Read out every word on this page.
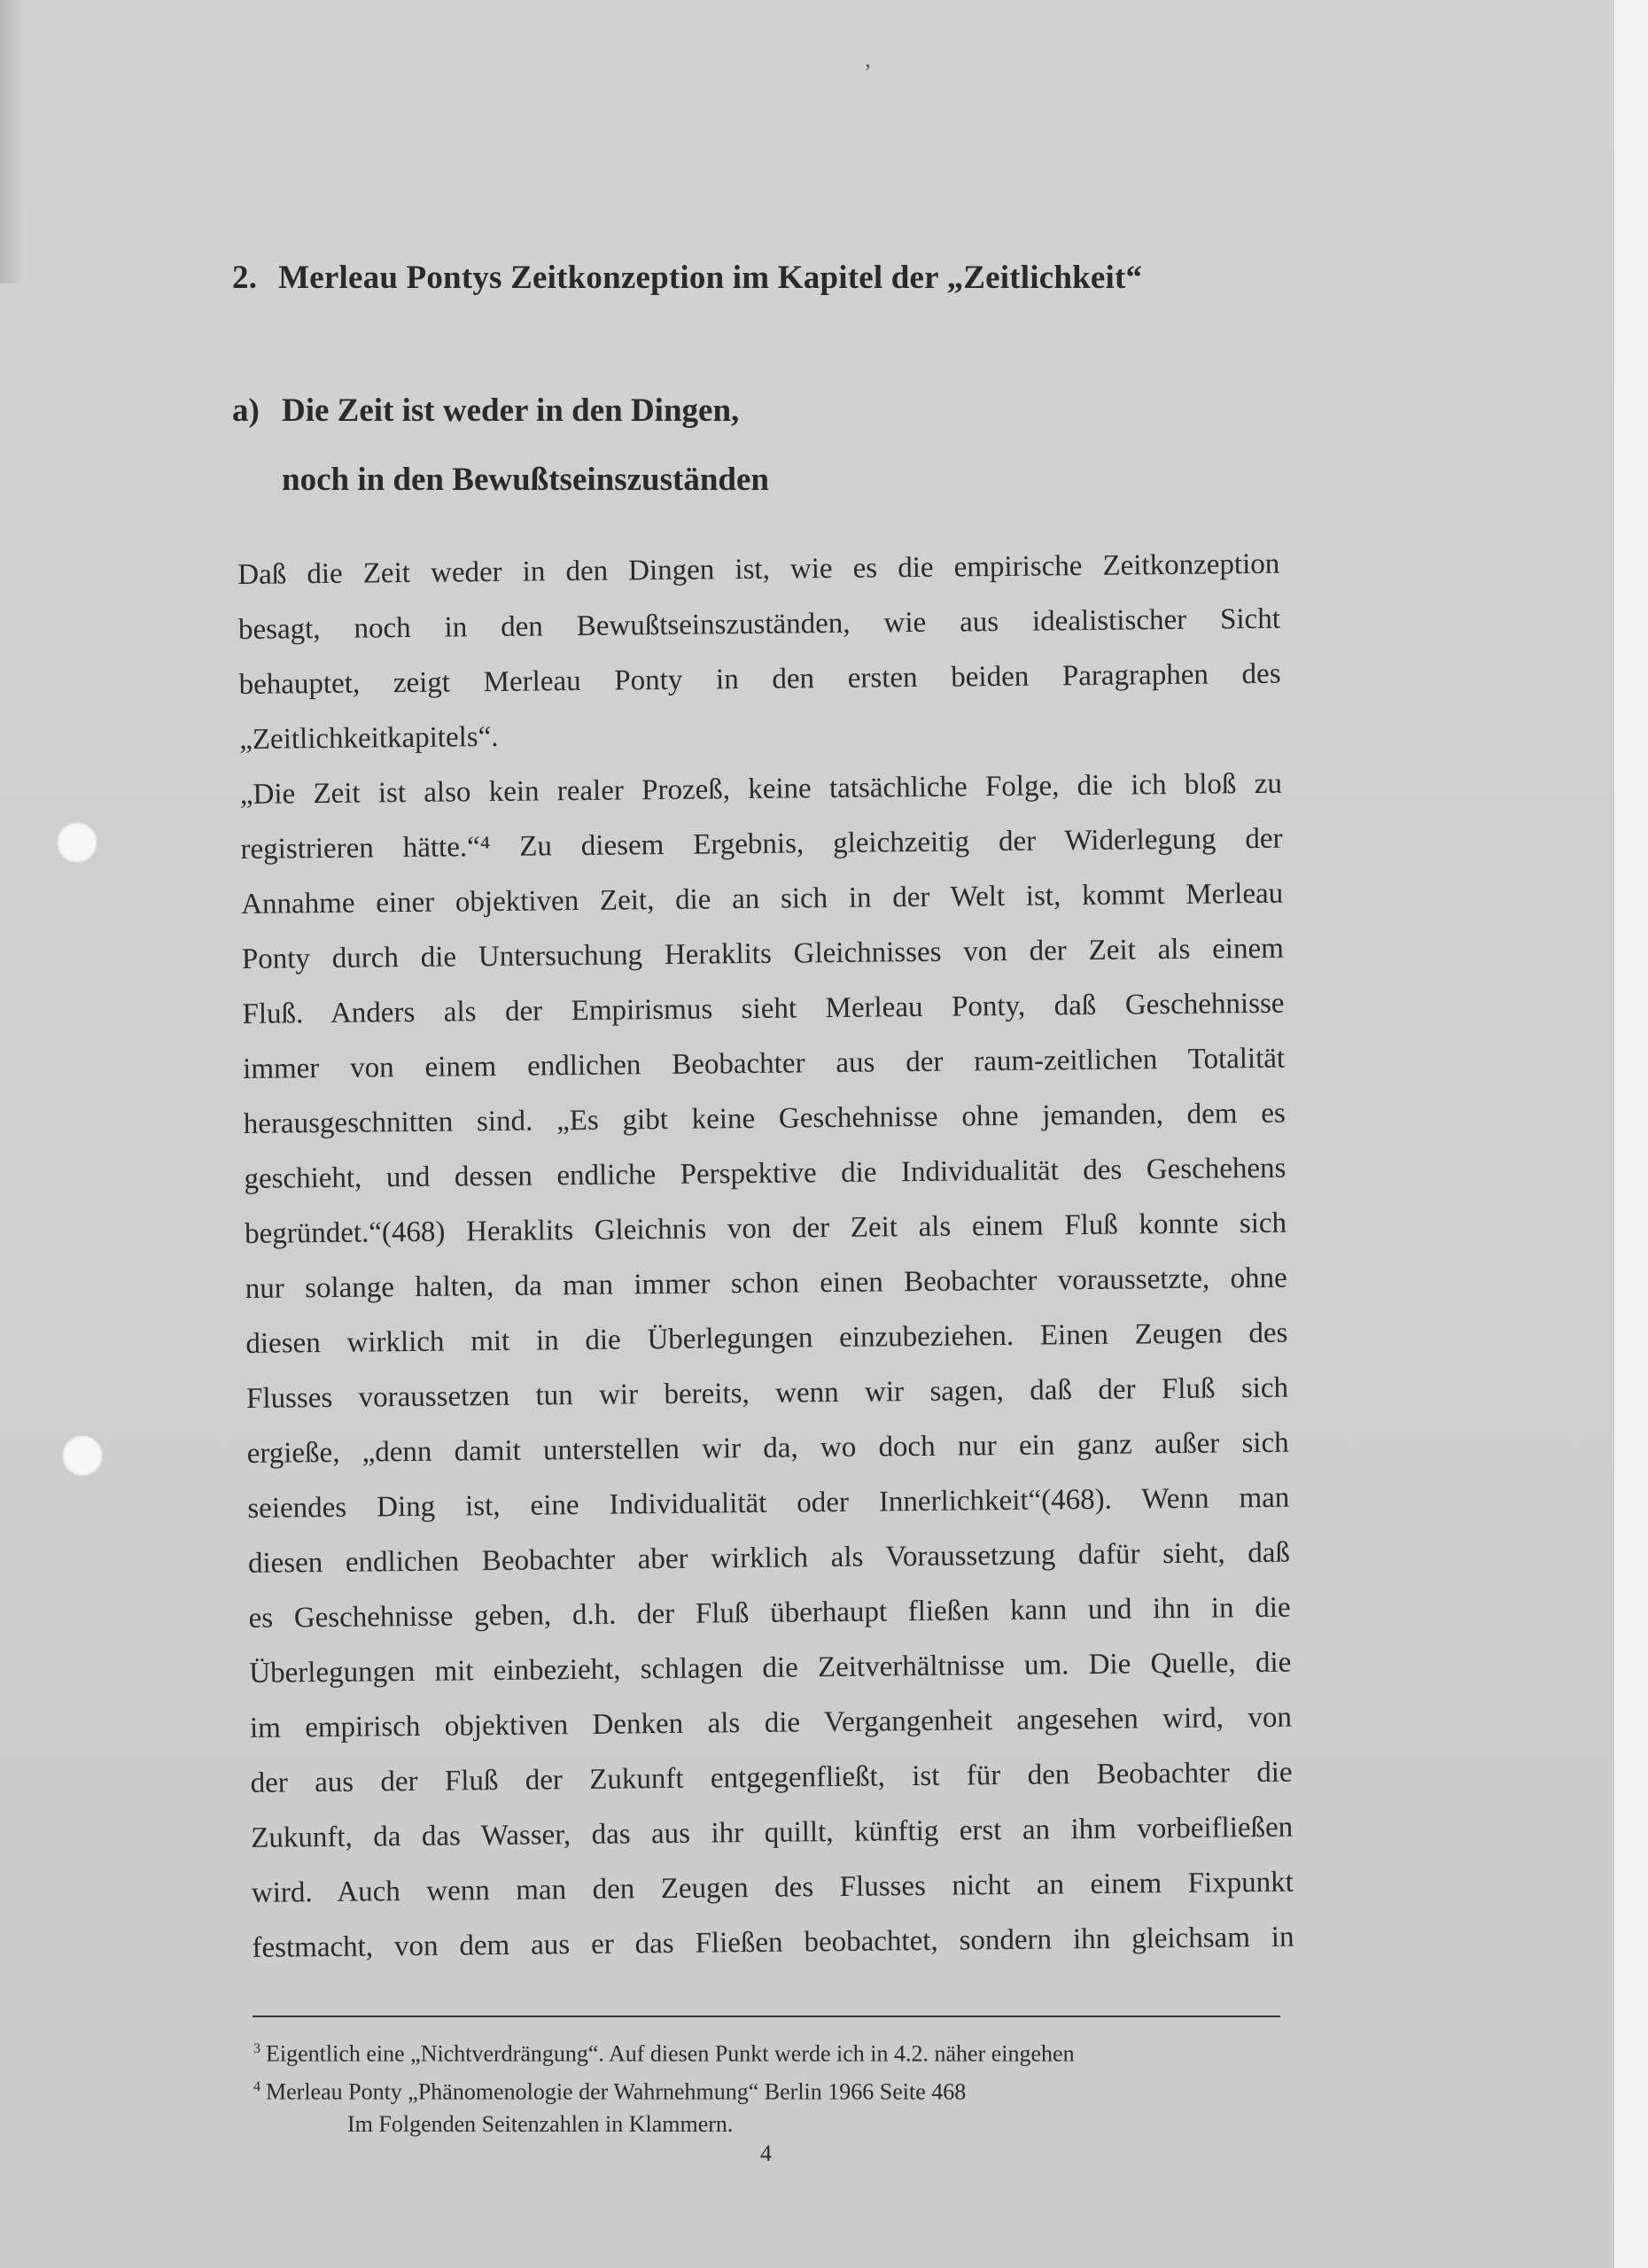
‚
2. Merleau Pontys Zeitkonzeption im Kapitel der „Zeitlichkeit“
a) Die Zeit ist weder in den Dingen,
noch in den Bewußtseinszuständen
Daß die Zeit weder in den Dingen ist, wie es die empirische Zeitkonzeption
besagt, noch in den Bewußtseinszuständen, wie aus idealistischer Sicht
behauptet, zeigt Merleau Ponty in den ersten beiden Paragraphen des
„Zeitlichkeitkapitels“.
„Die Zeit ist also kein realer Prozeß, keine tatsächliche Folge, die ich bloß zu
registrieren hätte.“⁴ Zu diesem Ergebnis, gleichzeitig der Widerlegung der
Annahme einer objektiven Zeit, die an sich in der Welt ist, kommt Merleau
Ponty durch die Untersuchung Heraklits Gleichnisses von der Zeit als einem
Fluß. Anders als der Empirismus sieht Merleau Ponty, daß Geschehnisse
immer von einem endlichen Beobachter aus der raum-zeitlichen Totalität
herausgeschnitten sind. „Es gibt keine Geschehnisse ohne jemanden, dem es
geschieht, und dessen endliche Perspektive die Individualität des Geschehens
begründet.“(468) Heraklits Gleichnis von der Zeit als einem Fluß konnte sich
nur solange halten, da man immer schon einen Beobachter voraussetzte, ohne
diesen wirklich mit in die Überlegungen einzubeziehen. Einen Zeugen des
Flusses voraussetzen tun wir bereits, wenn wir sagen, daß der Fluß sich
ergieße, „denn damit unterstellen wir da, wo doch nur ein ganz außer sich
seiendes Ding ist, eine Individualität oder Innerlichkeit“(468). Wenn man
diesen endlichen Beobachter aber wirklich als Voraussetzung dafür sieht, daß
es Geschehnisse geben, d.h. der Fluß überhaupt fließen kann und ihn in die
Überlegungen mit einbezieht, schlagen die Zeitverhältnisse um. Die Quelle, die
im empirisch objektiven Denken als die Vergangenheit angesehen wird, von
der aus der Fluß der Zukunft entgegenfließt, ist für den Beobachter die
Zukunft, da das Wasser, das aus ihr quillt, künftig erst an ihm vorbeifließen
wird. Auch wenn man den Zeugen des Flusses nicht an einem Fixpunkt
festmacht, von dem aus er das Fließen beobachtet, sondern ihn gleichsam in
$^3$ Eigentlich eine „Nichtverdrängung“. Auf diesen Punkt werde ich in 4.2. näher eingehen
$^4$ Merleau Ponty „Phänomenologie der Wahrnehmung“ Berlin 1966 Seite 468
Im Folgenden Seitenzahlen in Klammern.
4
